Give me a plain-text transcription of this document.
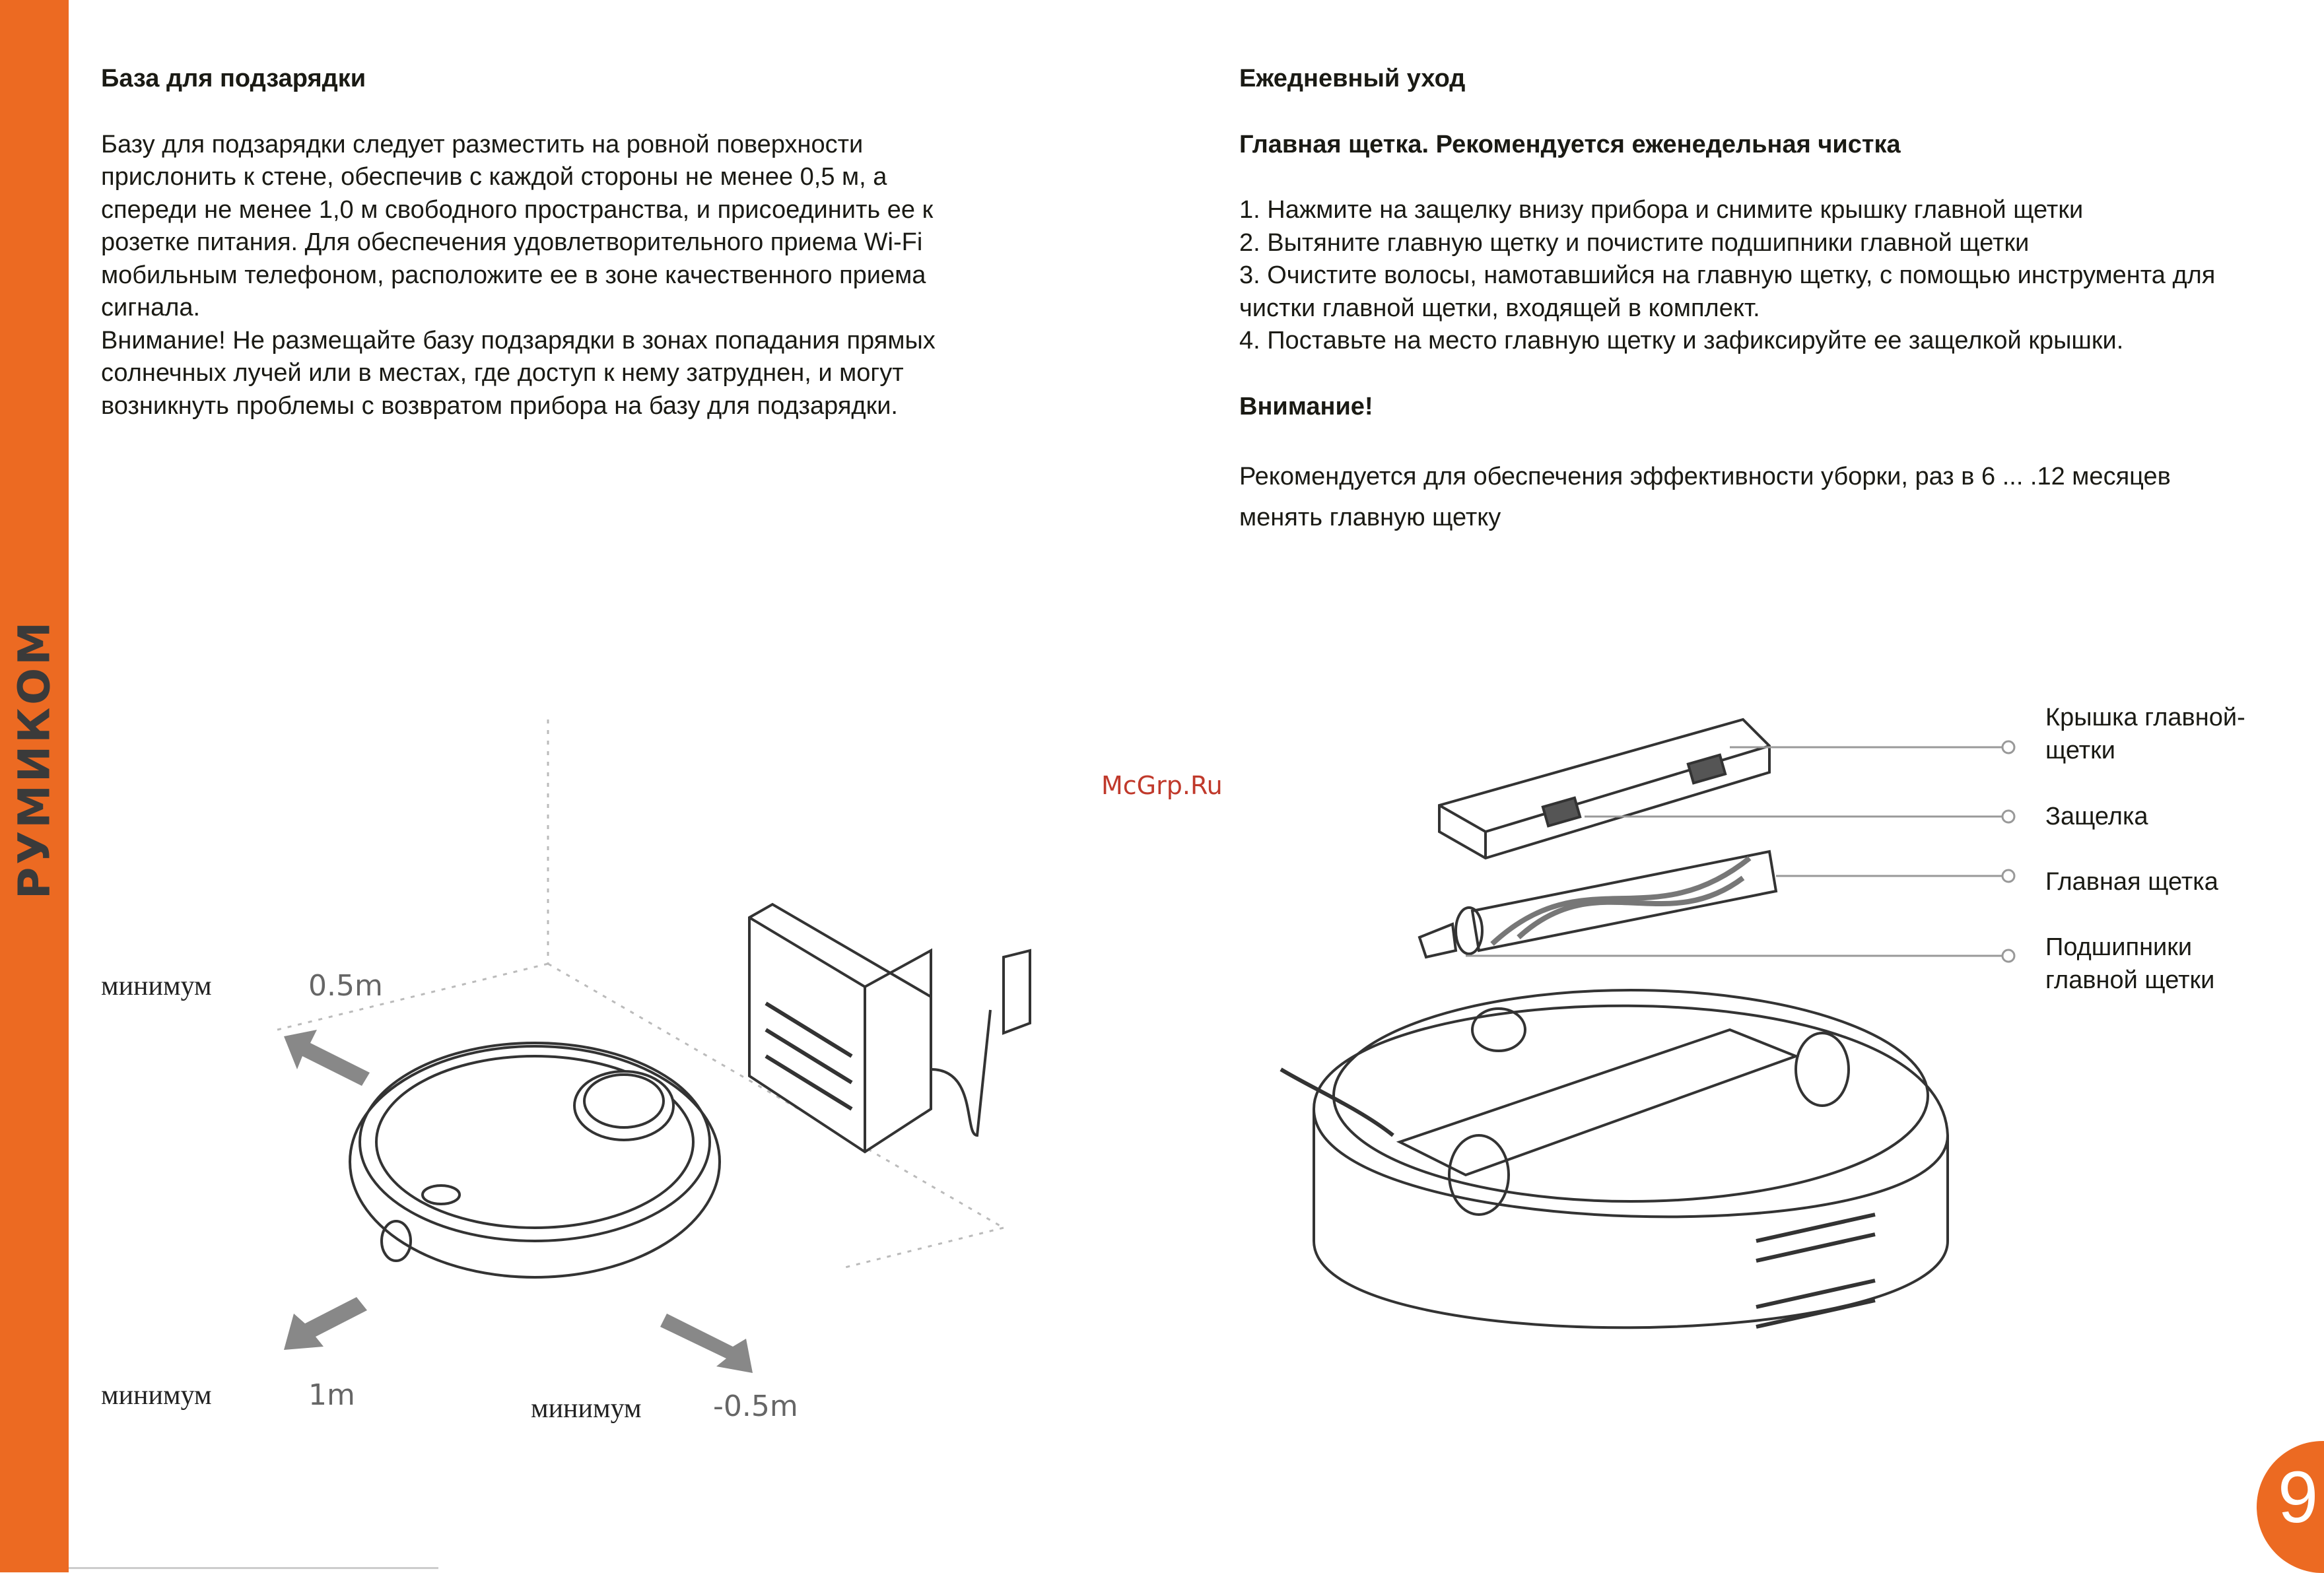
РУМИКОМ
База для подзарядки

Базу для подзарядки следует разместить на ровной поверхности

прислонить к стене, обеспечив с каждой стороны не менее 0,5 м, а

спереди не менее 1,0 м свободного пространства, и присоединить ее к

розетке питания. Для обеспечения удовлетворительного приема Wi-Fi

мобильным телефоном, расположите ее в зоне качественного приема

сигнала.

Внимание! Не размещайте базу подзарядки в зонах попадания прямых

солнечных лучей или в местах, где доступ к нему затруднен, и могут

возникнуть проблемы с возвратом прибора на базу для подзарядки.

Ежедневный уход
Главная щетка. Рекомендуется еженедельная чистка

1. Нажмите на защелку внизу прибора и снимите крышку главной щетки

2. Вытяните главную щетку и почистите подшипники главной щетки

3. Очистите волосы, намотавшийся на главную щетку, с помощью инструмента для

чистки главной щетки, входящей в комплект.

4. Поставьте на место главную щетку и зафиксируйте ее защелкой крышки.

Внимание!

Рекомендуется для обеспечения эффективности уборки, раз в 6 ... .12 месяцев

менять главную щетку

минимум	0.5m
минимум	1m	минимум -0.5m
McGrp.Ru
Крышка главной-
щетки
Защелка
Главная щетка
Подшипники
главной щетки
9
